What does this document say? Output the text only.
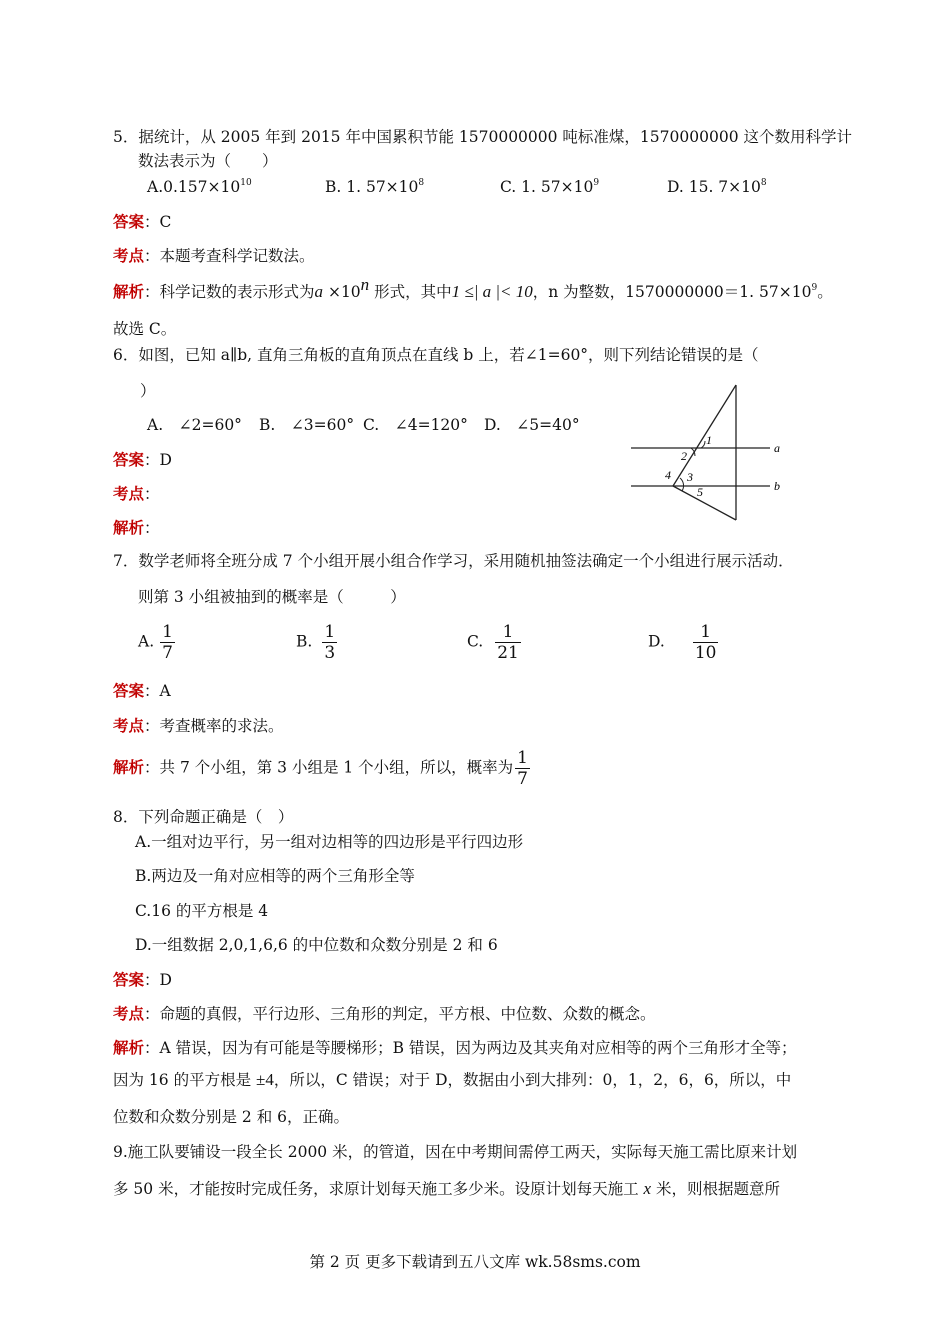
5．据统计，从 2005 年到 2015 年中国累积节能 1570000000 吨标准煤，1570000000 这个数用科学计
数法表示为（　　）
$A.0.157\times 10^{10}$	B. 1. $57\times 10^8$	C. 1. $57\times 10^9$	D. 15. $7\times 10^8$
答案：C
考点：本题考查科学记数法。
解析：科学记数的表示形式为$a \times 10^n$ 形式，其中1 ≤| a |< 10，n 为整数，1570000000＝1. $57\times 10^9$。
故选 C。
6．如图，已知 a∥b, 直角三角板的直角顶点在直线 b 上，若∠1=60°，则下列结论错误的是（
）
A.　∠2=60° B.　∠3=60° C.　∠4=120° D.　∠5=40°
答案：D
考点：
解析：
1
2
3
4
5
a
b
7．数学老师将全班分成 7 个小组开展小组合作学习，采用随机抽签法确定一个小组进行展示活动．
则第 3 小组被抽到的概率是（　　　）
A. $\frac{1}{7}$	B. $\frac{1}{3}$	C. $\frac{1}{21}$	D. $\frac{1}{10}$
答案：A
考点：考查概率的求法。
解析：共 7 个小组，第 3 小组是 1 个小组，所以，概率为 $\frac{1}{7}$
8．下列命题正确是（　）
A.一组对边平行，另一组对边相等的四边形是平行四边形
B.两边及一角对应相等的两个三角形全等
C.16 的平方根是 4
D.一组数据 2,0,1,6,6 的中位数和众数分别是 2 和 6
答案：D
考点：命题的真假，平行边形、三角形的判定，平方根、中位数、众数的概念。
解析：A 错误，因为有可能是等腰梯形；B 错误，因为两边及其夹角对应相等的两个三角形才全等；
因为 16 的平方根是 ±4，所以，C 错误；对于 D，数据由小到大排列：0，1，2，6，6，所以，中
位数和众数分别是 2 和 6，正确。
9.施工队要铺设一段全长 2000 米，的管道，因在中考期间需停工两天，实际每天施工需比原来计划
多 50 米，才能按时完成任务，求原计划每天施工多少米。设原计划每天施工 x 米，则根据题意所
第 2 页 更多下载请到五八文库 wk.58sms.com
